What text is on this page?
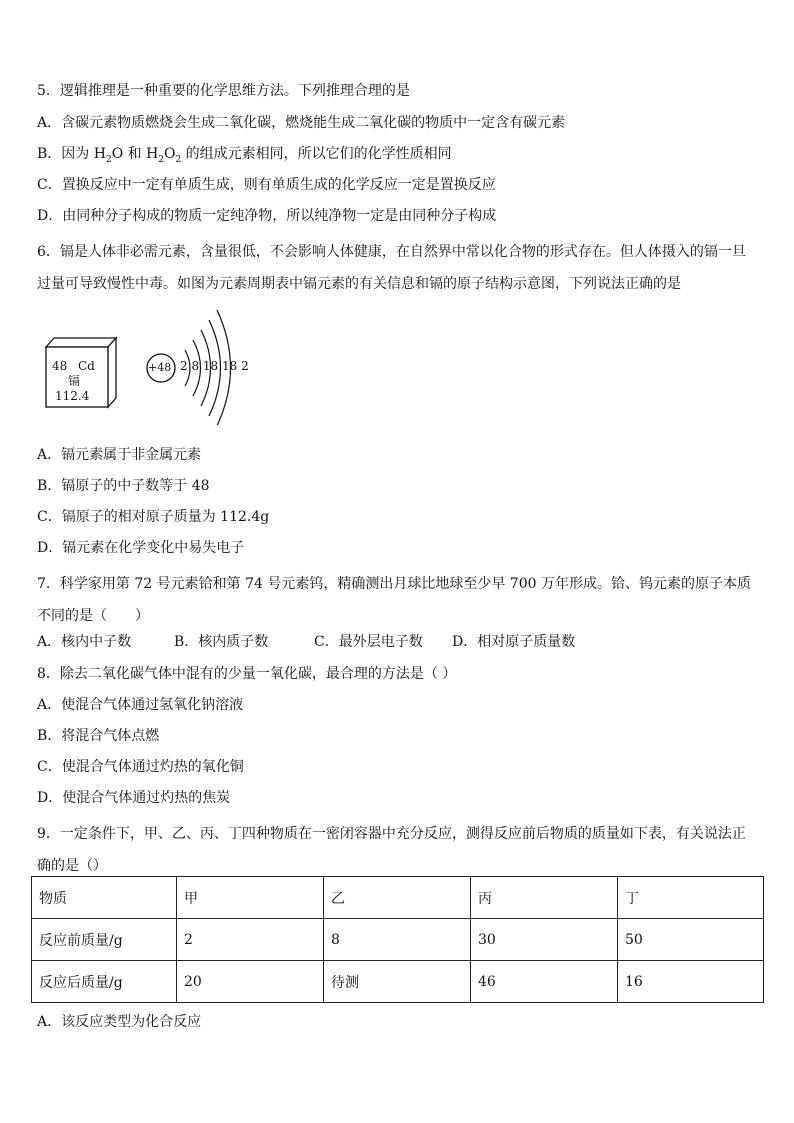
5．逻辑推理是一种重要的化学思维方法。下列推理合理的是
A．含碳元素物质燃烧会生成二氧化碳，燃烧能生成二氧化碳的物质中一定含有碳元素
B．因为 $H_2O$ 和 $H_2O_2$ 的组成元素相同，所以它们的化学性质相同
C．置换反应中一定有单质生成，则有单质生成的化学反应一定是置换反应
D．由同种分子构成的物质一定纯净物，所以纯净物一定是由同种分子构成
6．镉是人体非必需元素，含量很低，不会影响人体健康，在自然界中常以化合物的形式存在。但人体摄入的镉一旦过量可导致慢性中毒。如图为元素周期表中镉元素的有关信息和镉的原子结构示意图，下列说法正确的是
48 Cd
镉
112.4
+48 2 8 18 18 2
A．镉元素属于非金属元素
B．镉原子的中子数等于 48
C．镉原子的相对原子质量为 112.4g
D．镉元素在化学变化中易失电子
7．科学家用第 72 号元素铪和第 74 号元素钨，精确测出月球比地球至少早 700 万年形成。铪、钨元素的原子本质不同的是（　　）
A．核内中子数	B．核内质子数	C．最外层电子数 D．相对原子质量数
8．除去二氧化碳气体中混有的少量一氧化碳，最合理的方法是（ ）
A．使混合气体通过氢氧化钠溶液
B．将混合气体点燃
C．使混合气体通过灼热的氧化铜
D．使混合气体通过灼热的焦炭
9．一定条件下，甲、乙、丙、丁四种物质在一密闭容器中充分反应，测得反应前后物质的质量如下表，有关说法正确的是（）
物质	甲	乙	丙	丁
反应前质量/g	2	8	30	50
反应后质量/g	20	待测	46	16
A．该反应类型为化合反应
